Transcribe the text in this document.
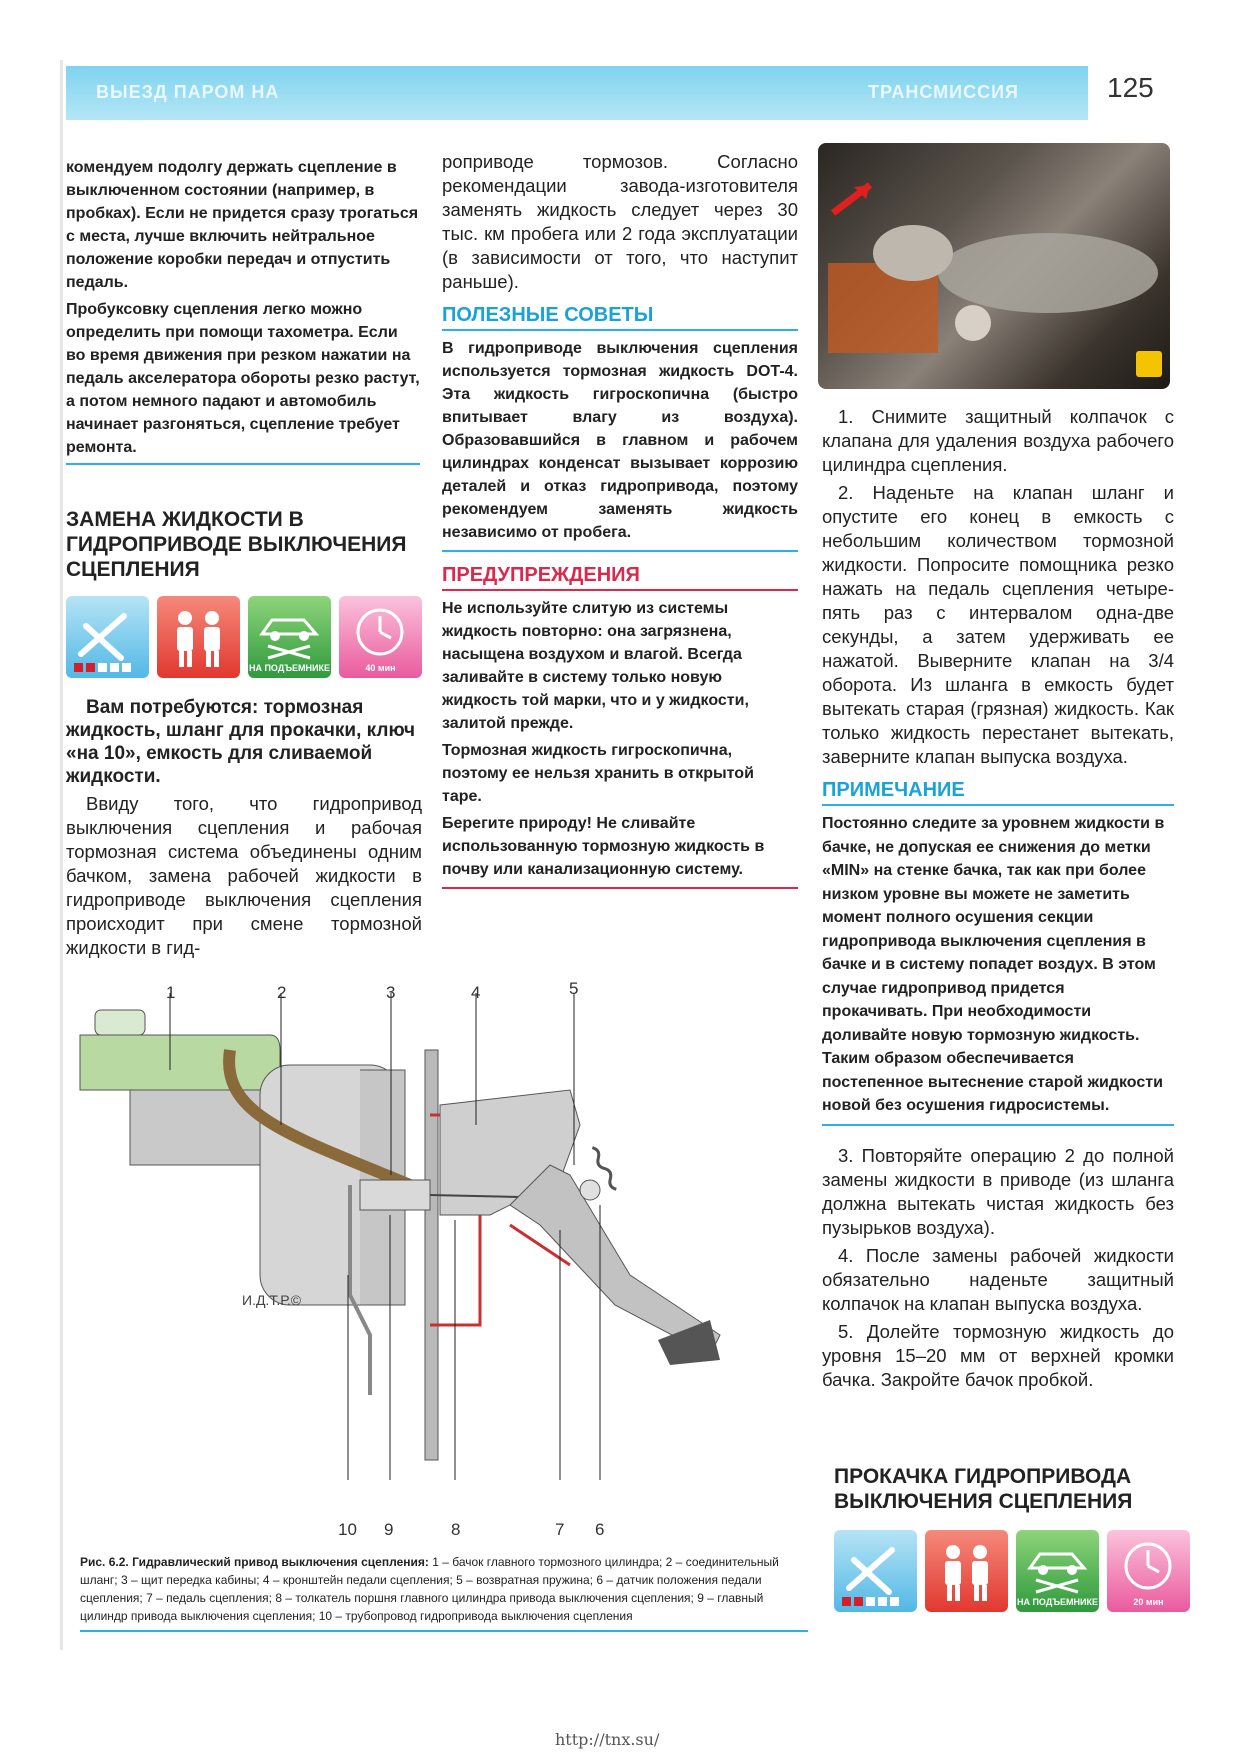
ВЫЕЗД ПАРОМ НА	ТРАНСМИССИЯ	125

комендуем подолгу держать сцепление в выключенном состоянии (например, в пробках). Если не придется сразу трогаться с места, лучше включить нейтральное положение коробки передач и отпустить педаль.

Пробуксовку сцепления легко можно определить при помощи тахометра. Если во время движения при резком нажатии на педаль акселератора обороты резко растут, а потом немного падают и автомобиль начинает разгоняться, сцепление требует ремонта.

ЗАМЕНА ЖИДКОСТИ В ГИДРОПРИВОДЕ ВЫКЛЮЧЕНИЯ СЦЕПЛЕНИЯ
НА ПОДЪЕМНИКЕ	40 мин

Вам потребуются: тормозная жидкость, шланг для прокачки, ключ «на 10», емкость для сливаемой жидкости.

Ввиду того, что гидропривод выключения сцепления и рабочая тормозная система объединены одним бачком, замена рабочей жидкости в гидроприводе выключения сцепления происходит при смене тормозной жидкости в гид-

роприводе тормозов. Согласно рекомендации завода-изготовителя заменять жидкость следует через 30 тыс. км пробега или 2 года эксплуатации (в зависимости от того, что наступит раньше).

ПОЛЕЗНЫЕ СОВЕТЫ

В гидроприводе выключения сцепления используется тормозная жидкость DOT-4. Эта жидкость гигроскопична (быстро впитывает влагу из воздуха). Образовавшийся в главном и рабочем цилиндрах конденсат вызывает коррозию деталей и отказ гидропривода, поэтому рекомендуем заменять жидкость независимо от пробега.

ПРЕДУПРЕЖДЕНИЯ

Не используйте слитую из системы жидкость повторно: она загрязнена, насыщена воздухом и влагой. Всегда заливайте в систему только новую жидкость той марки, что и у жидкости, залитой прежде.

Тормозная жидкость гигроскопична, поэтому ее нельзя хранить в открытой таре.

Берегите природу! Не сливайте использованную тормозную жидкость в почву или канализационную систему.

1. Снимите защитный колпачок с клапана для удаления воздуха рабочего цилиндра сцепления.

2. Наденьте на клапан шланг и опустите его конец в емкость с небольшим количеством тормозной жидкости. Попросите помощника резко нажать на педаль сцепления четыре-пять раз с интервалом одна-две секунды, а затем удерживать ее нажатой. Выверните клапан на 3/4 оборота. Из шланга в емкость будет вытекать старая (грязная) жидкость. Как только жидкость перестанет вытекать, заверните клапан выпуска воздуха.

ПРИМЕЧАНИЕ

Постоянно следите за уровнем жидкости в бачке, не допуская ее снижения до метки «MIN» на стенке бачка, так как при более низком уровне вы можете не заметить момент полного осушения секции гидропривода выключения сцепления в бачке и в систему попадет воздух. В этом случае гидропривод придется прокачивать. При необходимости доливайте новую тормозную жидкость. Таким образом обеспечивается постепенное вытеснение старой жидкости новой без осушения гидросистемы.

3. Повторяйте операцию 2 до полной замены жидкости в приводе (из шланга должна вытекать чистая жидкость без пузырьков воздуха).

4. После замены рабочей жидкости обязательно наденьте защитный колпачок на клапан выпуска воздуха.

5. Долейте тормозную жидкость до уровня 15–20 мм от верхней кромки бачка. Закройте бачок пробкой.

ПРОКАЧКА ГИДРОПРИВОДА ВЫКЛЮЧЕНИЯ СЦЕПЛЕНИЯ
НА ПОДЪЕМНИКЕ	20 мин
И.Д.Т.Р.©
1	2	3	4	5
10 9	8	7 6
Рис. 6.2. Гидравлический привод выключения сцепления: 1 – бачок главного тормозного цилиндра; 2 – соединительный шланг; 3 – щит передка кабины; 4 – кронштейн педали сцепления; 5 – возвратная пружина; 6 – датчик положения педали сцепления; 7 – педаль сцепления; 8 – толкатель поршня главного цилиндра привода выключения сцепления; 9 – главный цилиндр привода выключения сцепления; 10 – трубопровод гидропривода выключения сцепления
http://tnx.su/
